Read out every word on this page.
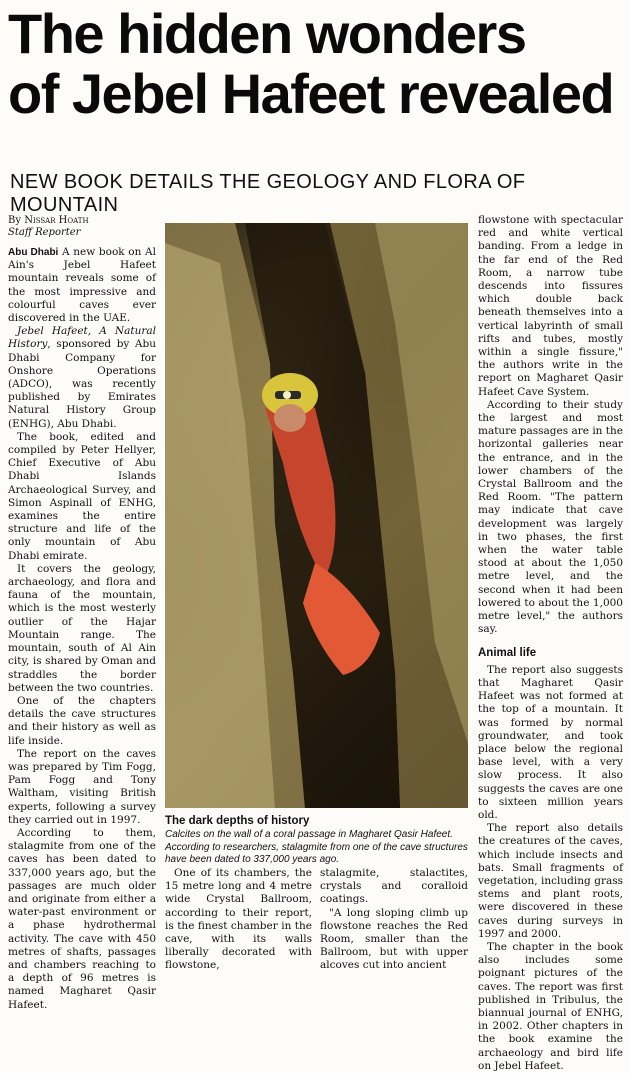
The hidden wonders
of Jebel Hafeet revealed
NEW BOOK DETAILS THE GEOLOGY AND FLORA OF MOUNTAIN
By Nissar Hoath
Staff Reporter

Abu Dhabi A new book on Al Ain's Jebel Hafeet mountain reveals some of the most impressive and colourful caves ever discovered in the UAE.

Jebel Hafeet, A Natural History, sponsored by Abu Dhabi Company for Onshore Operations (ADCO), was recently published by Emirates Natural History Group (ENHG), Abu Dhabi.

The book, edited and compiled by Peter Hellyer, Chief Executive of Abu Dhabi Islands Archaeological Survey, and Simon Aspinall of ENHG, examines the entire structure and life of the only mountain of Abu Dhabi emirate.

It covers the geology, archaeology, and flora and fauna of the mountain, which is the most westerly outlier of the Hajar Mountain range. The mountain, south of Al Ain city, is shared by Oman and straddles the border between the two countries.

One of the chapters details the cave structures and their history as well as life inside.

The report on the caves was prepared by Tim Fogg, Pam Fogg and Tony Waltham, visiting British experts, following a survey they carried out in 1997.

According to them, stalagmite from one of the caves has been dated to 337,000 years ago, but the passages are much older and originate from either a water-past environment or a phase hydrothermal activity. The cave with 450 metres of shafts, passages and chambers reaching to a depth of 96 metres is named Magharet Qasir Hafeet.

The dark depths of history
Calcites on the wall of a coral passage in Magharet Qasir Hafeet. According to researchers, stalagmite from one of the cave structures have been dated to 337,000 years ago.

One of its chambers, the 15 metre long and 4 metre wide Crystal Ballroom, according to their report, is the finest chamber in the cave, with its walls liberally decorated with flowstone,

stalagmite, stalactites, crystals and coralloid coatings.

"A long sloping climb up flowstone reaches the Red Room, smaller than the Ballroom, but with upper alcoves cut into ancient

flowstone with spectacular red and white vertical banding. From a ledge in the far end of the Red Room, a narrow tube descends into fissures which double back beneath themselves into a vertical labyrinth of small rifts and tubes, mostly within a single fissure," the authors write in the report on Magharet Qasir Hafeet Cave System.

According to their study the largest and most mature passages are in the horizontal galleries near the entrance, and in the lower chambers of the Crystal Ballroom and the Red Room. "The pattern may indicate that cave development was largely in two phases, the first when the water table stood at about the 1,050 metre level, and the second when it had been lowered to about the 1,000 metre level," the authors say.

Animal life

The report also suggests that Magharet Qasir Hafeet was not formed at the top of a mountain. It was formed by normal groundwater, and took place below the regional base level, with a very slow process. It also suggests the caves are one to sixteen million years old.

The report also details the creatures of the caves, which include insects and bats. Small fragments of vegetation, including grass stems and plant roots, were discovered in these caves during surveys in 1997 and 2000.

The chapter in the book also includes some poignant pictures of the caves. The report was first published in Tribulus, the biannual journal of ENHG, in 2002. Other chapters in the book examine the archaeology and bird life on Jebel Hafeet.
